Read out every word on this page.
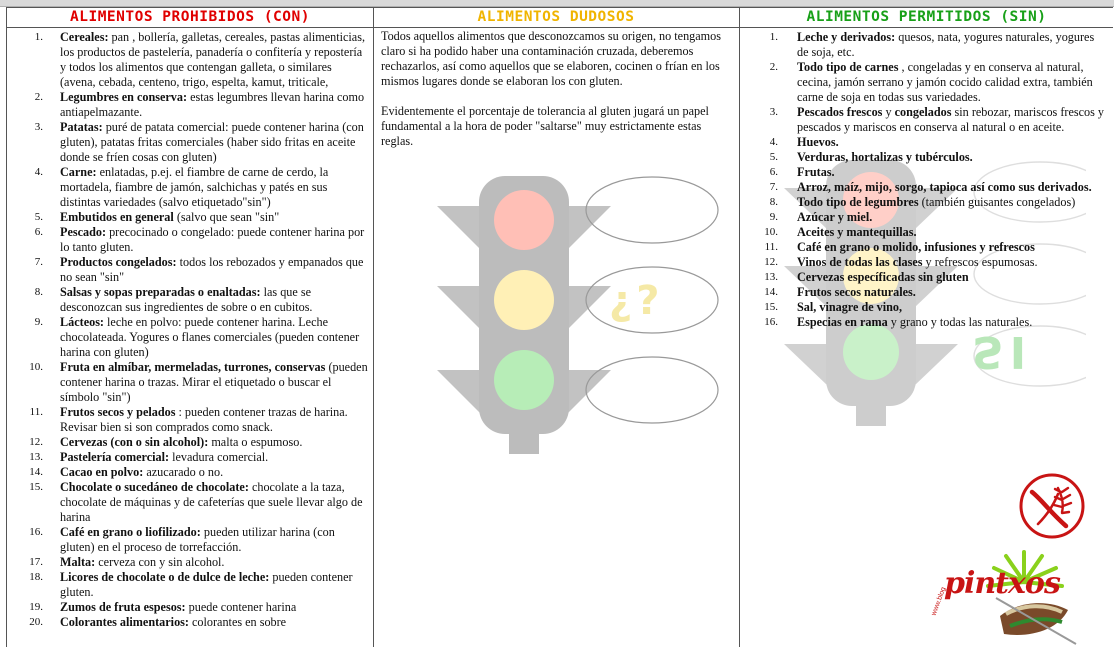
ALIMENTOS PROHIBIDOS (CON)
1. Cereales: pan , bollería, galletas, cereales, pastas alimenticias, los productos de pastelería, panadería o confitería y repostería y todos los alimentos que contengan galleta, o similares (avena, cebada, centeno, trigo, espelta, kamut, triticale,
2. Legumbres en conserva: estas legumbres llevan harina como antiapelmazante.
3. Patatas: puré de patata comercial: puede contener harina (con gluten), patatas fritas comerciales (haber sido fritas en aceite donde se fríen cosas con gluten)
4. Carne: enlatadas, p.ej. el fiambre de carne de cerdo, la mortadela, fiambre de jamón, salchichas y patés en sus distintas variedades (salvo etiquetado"sin")
5. Embutidos en general (salvo que sean "sin"
6. Pescado: precocinado o congelado: puede contener harina por lo tanto gluten.
7. Productos congelados: todos los rebozados y empanados que no sean "sin"
8. Salsas y sopas preparadas o enaltadas: las que se desconozcan sus ingredientes de sobre o en cubitos.
9. Lácteos: leche en polvo: puede contener harina. Leche chocolateada. Yogures o flanes comerciales (pueden contener harina con gluten)
10. Fruta en almíbar, mermeladas, turrones, conservas (pueden contener harina o trazas. Mirar el etiquetado o buscar el símbolo "sin")
11. Frutos secos y pelados : pueden contener trazas de harina. Revisar bien si son comprados como snack.
12. Cervezas (con o sin alcohol): malta o espumoso.
13. Pastelería comercial: levadura comercial.
14. Cacao en polvo: azucarado o no.
15. Chocolate o sucedáneo de chocolate: chocolate a la taza, chocolate de máquinas y de cafeterías que suele llevar algo de harina
16. Café en grano o liofilizado: pueden utilizar harina (con gluten) en el proceso de torrefacción.
17. Malta: cerveza con y sin alcohol.
18. Licores de chocolate o de dulce de leche: pueden contener gluten.
19. Zumos de fruta espesos: puede contener harina
20. Colorantes alimentarios: colorantes en sobre
ALIMENTOS DUDOSOS

Todos aquellos alimentos que desconozcamos su origen, no tengamos claro si ha podido haber una contaminación cruzada, deberemos rechazarlos, así como aquellos que se elaboren, cocinen o frían en los mismos lugares donde se elaboran los con gluten.

Evidentemente el porcentaje de tolerancia al gluten jugará un papel fundamental a la hora de poder "saltarse" muy estrictamente estas reglas.

¿?
ALIMENTOS PERMITIDOS (SIN)
SI
1. Leche y derivados: quesos, nata, yogures naturales, yogures de soja, etc.
2. Todo tipo de carnes , congeladas y en conserva al natural, cecina, jamón serrano y jamón cocido calidad extra, también carne de soja en todas sus variedades.
3. Pescados frescos y congelados sin rebozar, mariscos frescos y pescados y mariscos en conserva al natural o en aceite.
4. Huevos.
5. Verduras, hortalizas y tubérculos.
6. Frutas.
7. Arroz, maíz, mijo, sorgo, tapioca así como sus derivados.
8. Todo tipo de legumbres (también guisantes congelados)
9. Azúcar y miel.
10. Aceites y mantequillas.
11. Café en grano o molido, infusiones y refrescos
12. Vinos de todas las clases y refrescos espumosas.
13. Cervezas específicadas sin gluten
14. Frutos secos naturales.
15. Sal, vinagre de vino,
16. Especias en rama y grano y todas las naturales.
pintxos
www.blog
